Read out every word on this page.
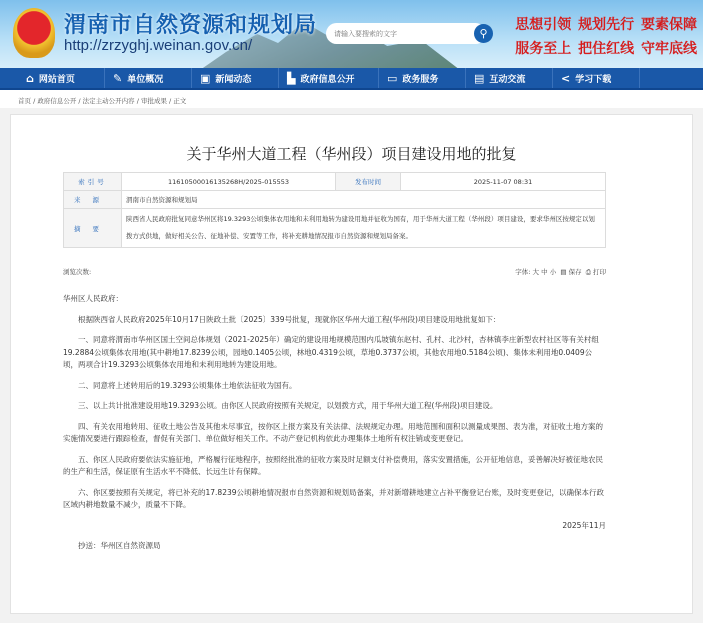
渭南市自然资源和规划局
http://zrzyghj.weinan.gov.cn/
请输入要搜索的文字	⚲
思想引领 规划先行 要素保障
服务至上 把住红线 守牢底线
⌂ 网站首页	✎ 单位概况	▣ 新闻动态	▙ 政府信息公开	▭ 政务服务	▤ 互动交流	< 学习下载
首页 / 政府信息公开 / 法定主动公开内容 / 审批成果 / 正文
关于华州大道工程（华州段）项目建设用地的批复
索引号	11610500016135268H/2025-015553	发布时间	2025-11-07 08:31
来源	渭南市自然资源和规划局		
摘要	陕西省人民政府批复同意华州区将19.3293公顷集体农用地和未利用地转为建设用地并征收为国有，用于华州大道工程（华州段）项目建设，要求华州区按规定以划拨方式供地，做好相关公告、征地补偿、安置等工作，将补充耕地情况报市自然资源和规划局备案。		
浏览次数:	字体: 大 中 小 ▤ 保存 ⎙ 打印

华州区人民政府：

根据陕西省人民政府2025年10月17日陕政土批〔2025〕339号批复，现就你区华州大道工程(华州段)项目建设用地批复如下：

一、同意将渭南市华州区国土空间总体规划（2021-2025年）确定的建设用地规模范围内瓜坡镇东赵村、孔村、北沙村，杏林镇李庄新型农村社区等有关村组19.2884公顷集体农用地(其中耕地17.8239公顷，园地0.1405公顷，林地0.4319公顷，草地0.3737公顷，其他农用地0.5184公顷)、集体未利用地0.0409公顷，两项合计19.3293公顷集体农用地和未利用地转为建设用地。

二、同意将上述转用后的19.3293公顷集体土地依法征收为国有。

三、以上共计批准建设用地19.3293公顷。由你区人民政府按照有关规定，以划拨方式，用于华州大道工程(华州段)项目建设。

四、有关农用地转用、征收土地公告及其他未尽事宜，按你区上报方案及有关法律、法规规定办理。用地范围和面积以测量成果图、表为准，对征收土地方案的实施情况要进行跟踪检查，督促有关部门、单位做好相关工作。不动产登记机构依此办理集体土地所有权注销或变更登记。

五、你区人民政府要依法实施征地，严格履行征地程序，按照经批准的征收方案及时足额支付补偿费用，落实安置措施，公开征地信息，妥善解决好被征地农民的生产和生活，保证原有生活水平不降低、长远生计有保障。

六、你区要按照有关规定，将已补充的17.8239公顷耕地情况报市自然资源和规划局备案，并对新增耕地建立占补平衡登记台账，及时变更登记，以确保本行政区域内耕地数量不减少，质量不下降。

2025年11月

抄送：华州区自然资源局
